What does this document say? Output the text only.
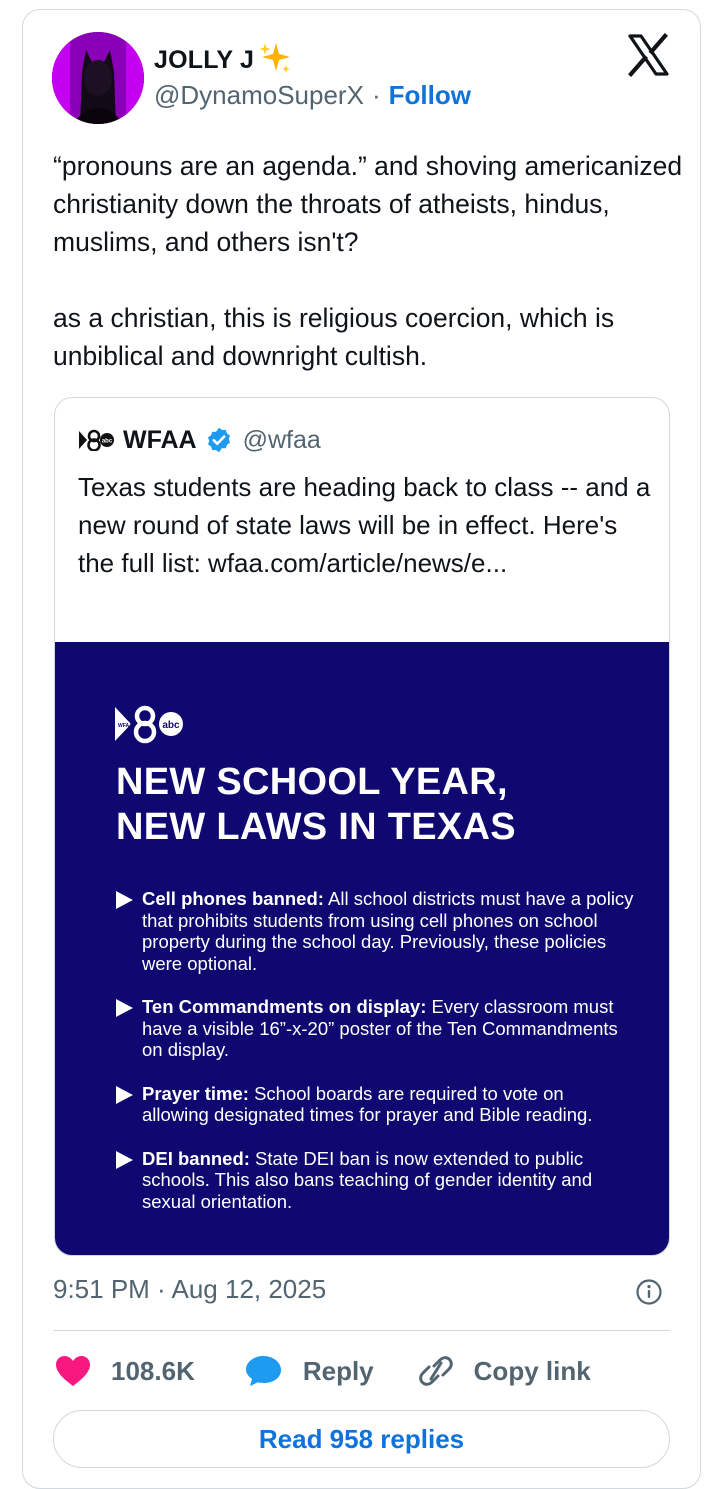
JOLLY J
@DynamoSuperX · Follow
“pronouns are an agenda.” and shoving americanized christianity down the throats of atheists, hindus, muslims, and others isn't?

as a christian, this is religious coercion, which is unbiblical and downright cultish.
abc WFAA @wfaa
Texas students are heading back to class -- and a new round of state laws will be in effect. Here's the full list: wfaa.com/article/news/e...
WFAA	abc
NEW SCHOOL YEAR,
NEW LAWS IN TEXAS
Cell phones banned: All school districts must have a policy that prohibits students from using cell phones on school property during the school day. Previously, these policies were optional.
Ten Commandments on display: Every classroom must have a visible 16”-x-20” poster of the Ten Commandments on display.
Prayer time: School boards are required to vote on allowing designated times for prayer and Bible reading.
DEI banned: State DEI ban is now extended to public schools. This also bans teaching of gender identity and sexual orientation.
9:51 PM · Aug 12, 2025
108.6K	Reply	Copy link
Read 958 replies
